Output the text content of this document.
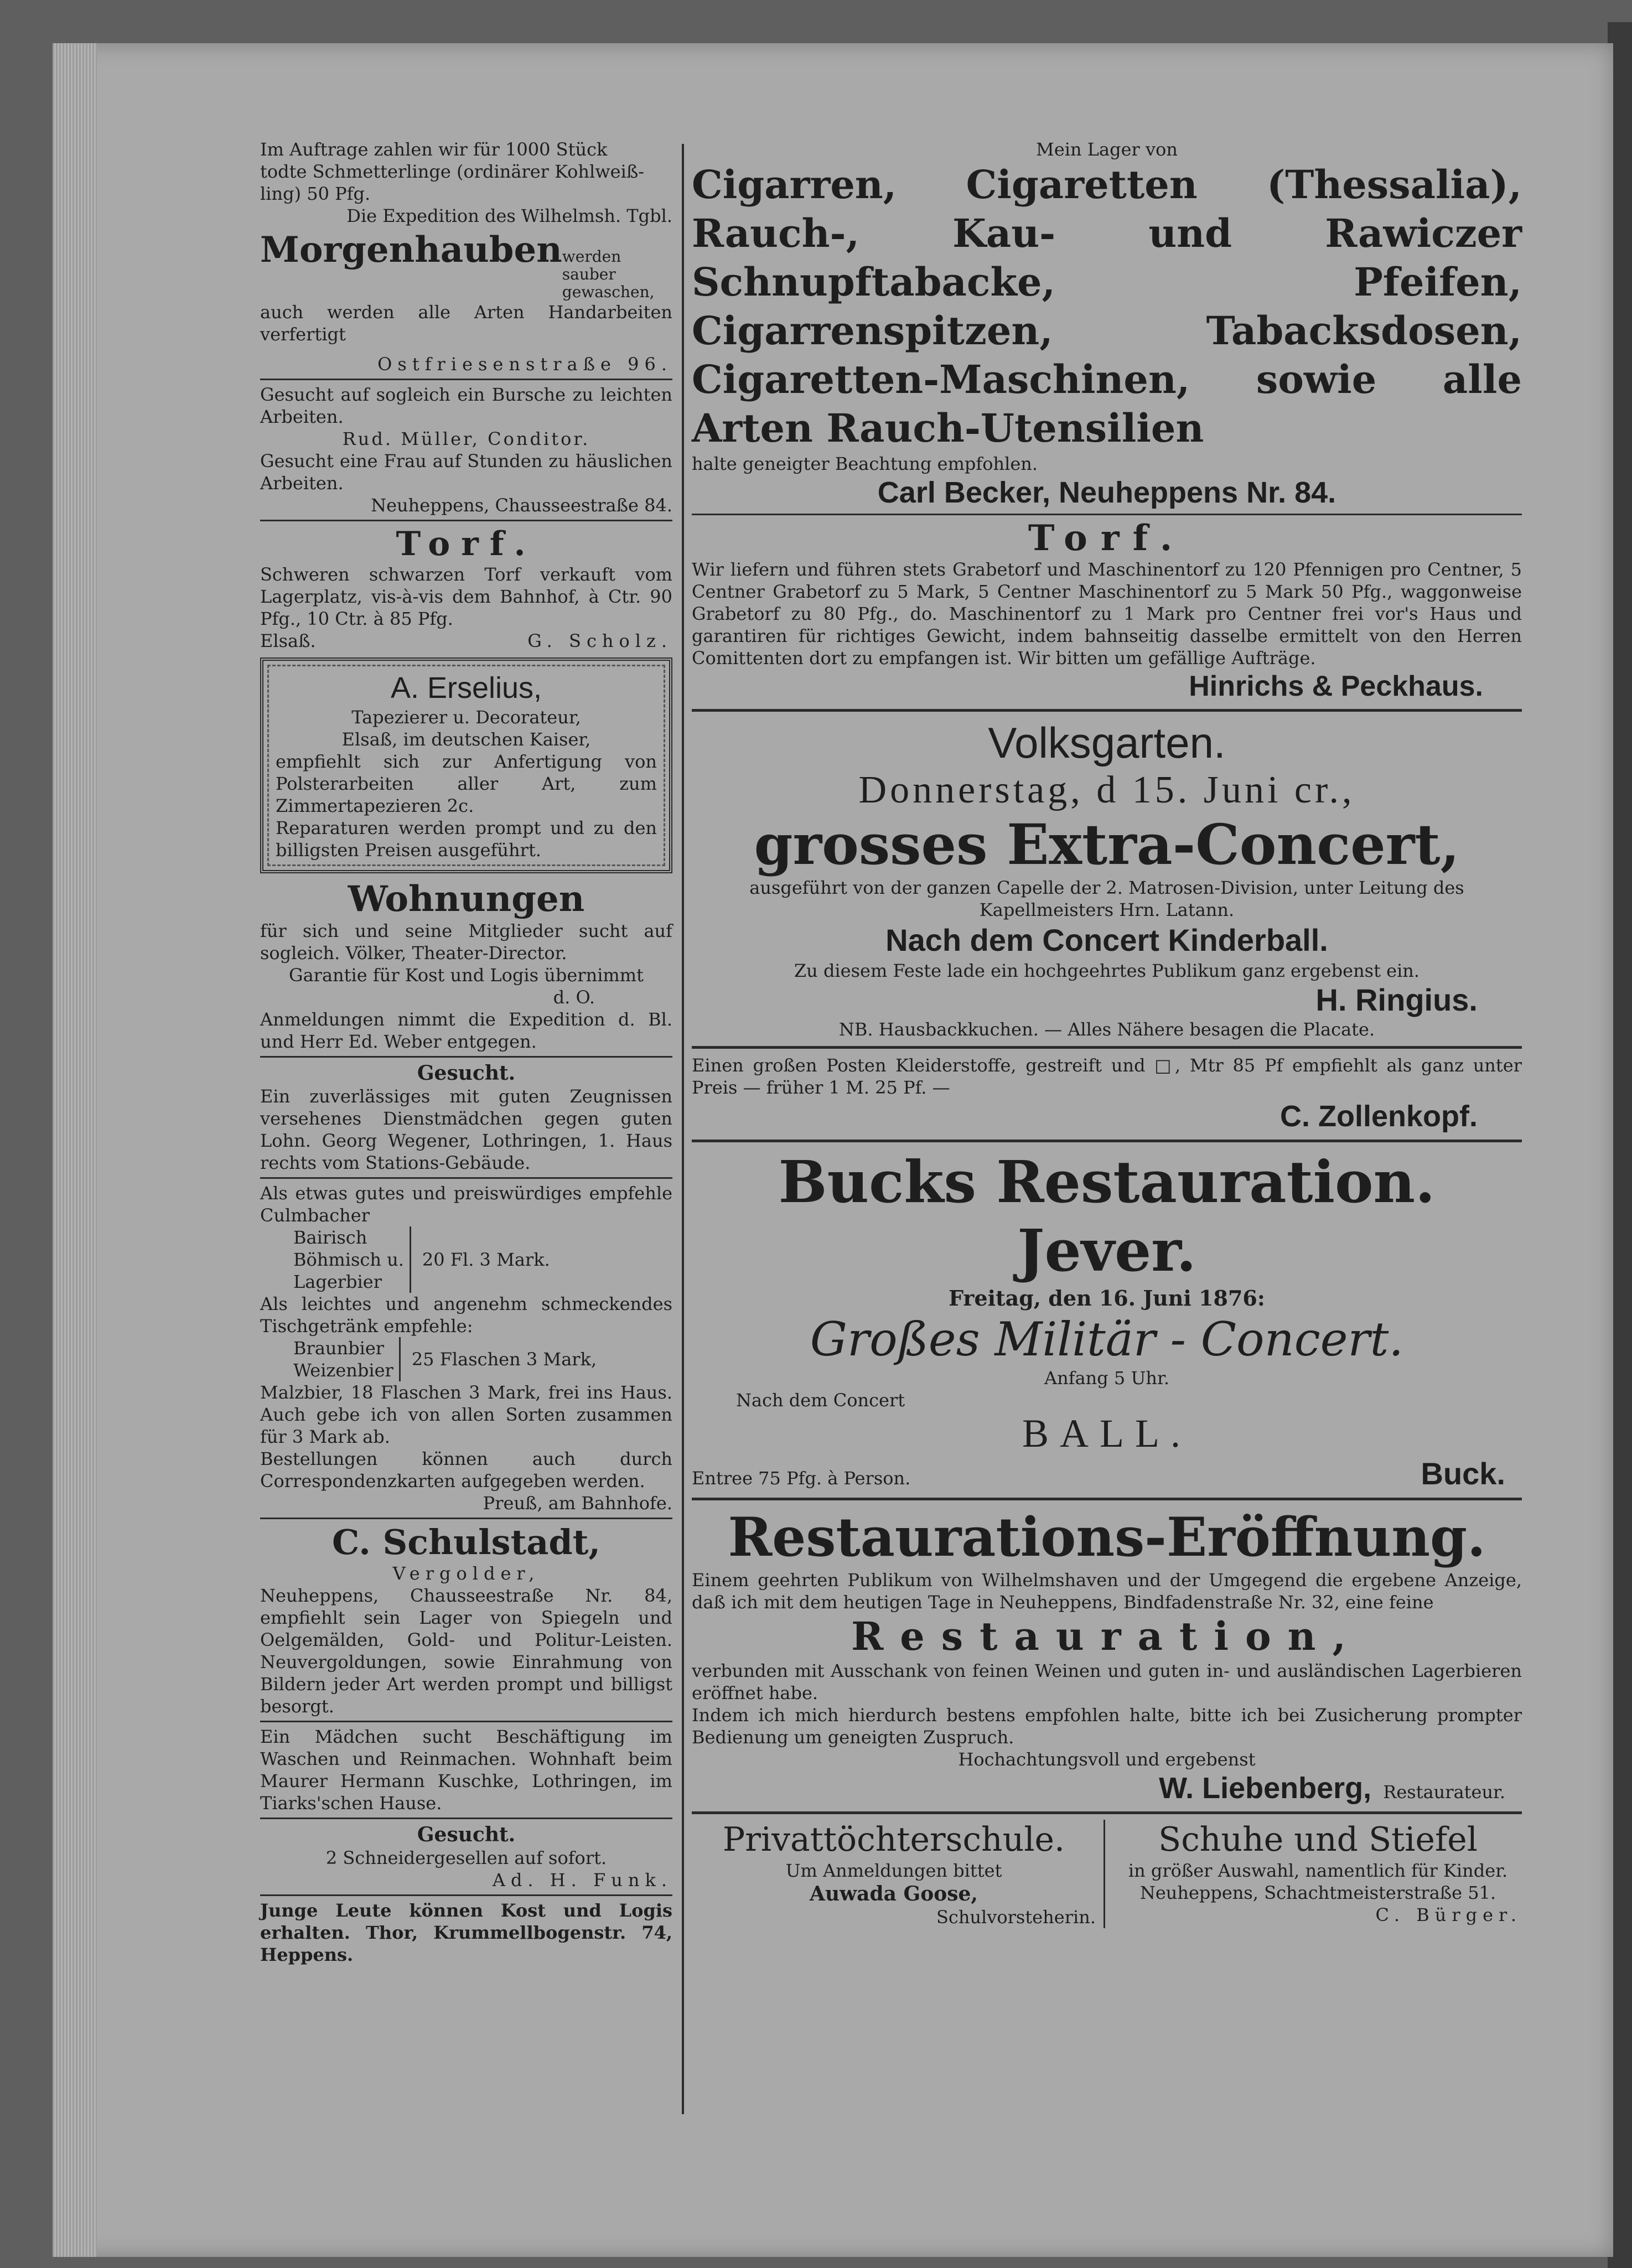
Im Auftrage zahlen wir für 1000 Stück

todte Schmetterlinge (ordinärer Kohlweiß-

ling) 50 Pfg.

Die Expedition des Wilhelmsh. Tgbl.

Morgenhauben werden sauber gewaschen,

auch werden alle Arten Handarbeiten verfertigt

Ostfriesenstraße 96.

Gesucht auf sogleich ein Bursche zu leichten Arbeiten.

Rud. Müller, Conditor.

Gesucht eine Frau auf Stunden zu häuslichen Arbeiten.

Neuheppens, Chausseestraße 84.

Torf.

Schweren schwarzen Torf verkauft vom Lagerplatz, vis-à-vis dem Bahnhof, à Ctr. 90 Pfg., 10 Ctr. à 85 Pfg.

Elsaß.	G. Scholz.

A. Erselius,

Tapezierer u. Decorateur,

Elsaß, im deutschen Kaiser,

empfiehlt sich zur Anfertigung von Polsterarbeiten aller Art, zum Zimmertapezieren 2c.

Reparaturen werden prompt und zu den billigsten Preisen ausgeführt.

Wohnungen

für sich und seine Mitglieder sucht auf sogleich. Völker, Theater-Director.

Garantie für Kost und Logis übernimmt

d. O.

Anmeldungen nimmt die Expedition d. Bl. und Herr Ed. Weber entgegen.

Gesucht.

Ein zuverlässiges mit guten Zeugnissen versehenes Dienstmädchen gegen guten Lohn. Georg Wegener, Lothringen, 1. Haus rechts vom Stations-Gebäude.

Als etwas gutes und preiswürdiges empfehle Culmbacher

Bairisch

Böhmisch u.

Lagerbier

20 Fl. 3 Mark.

Als leichtes und angenehm schmeckendes Tischgetränk empfehle:

Braunbier

Weizenbier

25 Flaschen 3 Mark,

Malzbier, 18 Flaschen 3 Mark, frei ins Haus. Auch gebe ich von allen Sorten zusammen für 3 Mark ab.

Bestellungen können auch durch Correspondenzkarten aufgegeben werden.

Preuß, am Bahnhofe.

C. Schulstadt,

Vergolder,

Neuheppens, Chausseestraße Nr. 84, empfiehlt sein Lager von Spiegeln und Oelgemälden, Gold- und Politur-Leisten. Neuvergoldungen, sowie Einrahmung von Bildern jeder Art werden prompt und billigst besorgt.

Ein Mädchen sucht Beschäftigung im Waschen und Reinmachen. Wohnhaft beim Maurer Hermann Kuschke, Lothringen, im Tiarks'schen Hause.

Gesucht.

2 Schneidergesellen auf sofort.

Ad. H. Funk.

Junge Leute können Kost und Logis erhalten. Thor, Krummellbogenstr. 74, Heppens.

Mein Lager von

Cigarren, Cigaretten (Thessalia), Rauch-, Kau- und Rawiczer Schnupftabacke, Pfeifen, Cigarrenspitzen, Tabacksdosen, Cigaretten-Maschinen, sowie alle Arten Rauch-Utensilien

halte geneigter Beachtung empfohlen.

Carl Becker, Neuheppens Nr. 84.

Torf.

Wir liefern und führen stets Grabetorf und Maschinentorf zu 120 Pfennigen pro Centner, 5 Centner Grabetorf zu 5 Mark, 5 Centner Maschinentorf zu 5 Mark 50 Pfg., waggonweise Grabetorf zu 80 Pfg., do. Maschinentorf zu 1 Mark pro Centner frei vor's Haus und garantiren für richtiges Gewicht, indem bahnseitig dasselbe ermittelt von den Herren Comittenten dort zu empfangen ist. Wir bitten um gefällige Aufträge.

Hinrichs & Peckhaus.

Volksgarten.

Donnerstag, d 15. Juni cr.,

grosses Extra-Concert,

ausgeführt von der ganzen Capelle der 2. Matrosen-Division, unter Leitung des Kapellmeisters Hrn. Latann.

Nach dem Concert Kinderball.

Zu diesem Feste lade ein hochgeehrtes Publikum ganz ergebenst ein.

H. Ringius.

NB. Hausbackkuchen. — Alles Nähere besagen die Placate.

Einen großen Posten Kleiderstoffe, gestreift und □, Mtr 85 Pf empfiehlt als ganz unter Preis — früher 1 M. 25 Pf. —

C. Zollenkopf.

Bucks Restauration. Jever.

Freitag, den 16. Juni 1876:

Großes Militär - Concert.

Anfang 5 Uhr.

Nach dem Concert

BALL.

Entree 75 Pfg. à Person.	Buck.

Restaurations-Eröffnung.

Einem geehrten Publikum von Wilhelmshaven und der Umgegend die ergebene Anzeige, daß ich mit dem heutigen Tage in Neuheppens, Bindfadenstraße Nr. 32, eine feine

Restauration,

verbunden mit Ausschank von feinen Weinen und guten in- und ausländischen Lagerbieren eröffnet habe.

Indem ich mich hierdurch bestens empfohlen halte, bitte ich bei Zusicherung prompter Bedienung um geneigten Zuspruch.

Hochachtungsvoll und ergebenst

W. Liebenberg, Restaurateur.

Privattöchterschule.

Um Anmeldungen bittet

Auwada Goose,

Schulvorsteherin.

Schuhe und Stiefel

in größer Auswahl, namentlich für Kinder. Neuheppens, Schachtmeisterstraße 51.

C. Bürger.
